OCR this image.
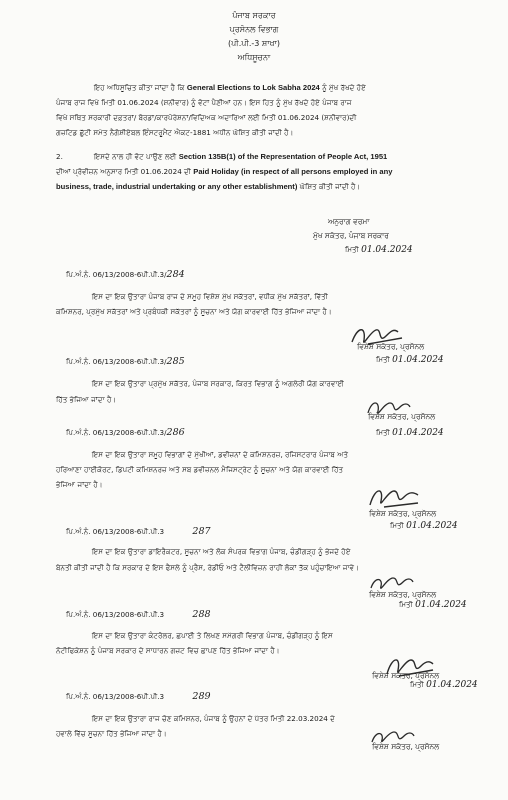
ਪੰਜਾਬ ਸਰਕਾਰ
ਪ੍ਰਸੋਨਲ ਵਿਭਾਗ
(ਪੀ.ਪੀ.-3 ਸ਼ਾਖਾ)
ਅਧਿਸੂਚਨਾ
ਇਹ ਅਧਿਸੂਚਿਤ ਕੀਤਾ ਜਾਂਦਾ ਹੈ ਕਿ General Elections to Lok Sabha 2024 ਨੂੰ ਮੁੱਖ ਰੱਖਦੇ ਹੋਏ
ਪੰਜਾਬ ਰਾਜ ਵਿਖੇ ਮਿਤੀ 01.06.2024 (ਸ਼ਨੀਵਾਰ) ਨੂੰ ਵੋਟਾਂ ਪੈਣੀਆਂ ਹਨ। ਇਸ ਹਿਤ ਨੂੰ ਮੁੱਖ ਰੱਖਦੇ ਹੋਏ ਪੰਜਾਬ ਰਾਜ
ਵਿਖੇ ਸਥਿਤ ਸਰਕਾਰੀ ਦਫ਼ਤਰਾਂ/ ਬੋਰਡਾਂ/ਕਾਰਪੋਰੇਸ਼ਨਾਂ/ਵਿਦਿਅਕ ਅਦਾਰਿਆਂ ਲਈ ਮਿਤੀ 01.06.2024 (ਸ਼ਨੀਵਾਰ)ਦੀ
ਗਜ਼ਟਿਡ ਛੁੱਟੀ ਸਮੇਤ ਨੈਗੋਸ਼ੀਏਬਲ ਇੰਸਟਰੂਮੈਂਟ ਐਕਟ-1881 ਅਧੀਨ ਘੋਸ਼ਿਤ ਕੀਤੀ ਜਾਂਦੀ ਹੈ।
2.	ਇਸਦੇ ਨਾਲ ਹੀ ਵੋਟ ਪਾਉਣ ਲਈ Section 135B(1) of the Representation of People Act, 1951
ਦੀਆਂ ਪ੍ਰੋਵੀਜ਼ਨ ਅਨੁਸਾਰ ਮਿਤੀ 01.06.2024 ਦੀ Paid Holiday (in respect of all persons employed in any
business, trade, industrial undertaking or any other establishment) ਘੋਸ਼ਿਤ ਕੀਤੀ ਜਾਂਦੀ ਹੈ।
ਅਨੁਰਾਗ ਵਰਮਾ
ਮੁੱਖ ਸਕੱਤਰ, ਪੰਜਾਬ ਸਰਕਾਰ
ਮਿਤੀ 01.04.2024
ਪਿ.ਅੰ.ਨੰ. 06/13/2008-6ਪੀ.ਪੀ.3/284
ਇਸ ਦਾ ਇਕ ਉਤਾਰਾ ਪੰਜਾਬ ਰਾਜ ਦੇ ਸਮੂਹ ਵਿਸ਼ੇਸ਼ ਮੁੱਖ ਸਕੱਤਰਾਂ, ਵਧੀਕ ਮੁੱਖ ਸਕੱਤਰਾਂ, ਵਿੱਤੀ
ਕਮਿਸ਼ਨਰ, ਪ੍ਰਮੁੱਖ ਸਕੱਤਰਾਂ ਅਤੇ ਪ੍ਰਬੰਧਕੀ ਸਕੱਤਰਾਂ ਨੂੰ ਸੂਚਨਾ ਅਤੇ ਯੋਗ ਕਾਰਵਾਈ ਹਿੱਤ ਭੇਜਿਆ ਜਾਂਦਾ ਹੈ।
ਵਿਸ਼ੇਸ਼ ਸਕੱਤਰ, ਪ੍ਰਸੋਨਲ
ਮਿਤੀ 01.04.2024
ਪਿ.ਅੰ.ਨੰ. 06/13/2008-6ਪੀ.ਪੀ.3/285
ਇਸ ਦਾ ਇਕ ਉਤਾਰਾ ਪ੍ਰਮੁੱਖ ਸਕੱਤਰ, ਪੰਜਾਬ ਸਰਕਾਰ, ਕਿਰਤ ਵਿਭਾਗ ਨੂੰ ਅਗਲੇਰੀ ਯੋਗ ਕਾਰਵਾਈ
ਹਿੱਤ ਭੇਜਿਆ ਜਾਂਦਾ ਹੈ।
ਵਿਸ਼ੇਸ਼ ਸਕੱਤਰ, ਪ੍ਰਸੋਨਲ
ਮਿਤੀ 01.04.2024
ਪਿ.ਅੰ.ਨੰ. 06/13/2008-6ਪੀ.ਪੀ.3/286
ਇਸ ਦਾ ਇਕ ਉਤਾਰਾ ਸਮੂਹ ਵਿਭਾਗਾਂ ਦੇ ਮੁੱਖੀਆਂ, ਡਵੀਜ਼ਨਾਂ ਦੇ ਕਮਿਸ਼ਨਰਜ਼, ਰਜਿਸਟਰਾਰ ਪੰਜਾਬ ਅਤੇ
ਹਰਿਆਣਾ ਹਾਈਕੋਰਟ, ਡਿਪਟੀ ਕਮਿਸ਼ਨਰਜ਼ ਅਤੇ ਸਬ ਡਵੀਜ਼ਨਲ ਮੈਜਿਸਟ੍ਰੇਟ ਨੂੰ ਸੂਚਨਾ ਅਤੇ ਯੋਗ ਕਾਰਵਾਈ ਹਿੱਤ
ਭੇਜਿਆ ਜਾਂਦਾ ਹੈ।
ਵਿਸ਼ੇਸ਼ ਸਕੱਤਰ, ਪ੍ਰਸੋਨਲ
ਮਿਤੀ 01.04.2024
ਪਿ.ਅੰ.ਨੰ. 06/13/2008-6ਪੀ.ਪੀ.3	287
ਇਸ ਦਾ ਇਕ ਉਤਾਰਾ ਡਾਇਰੈਕਟਰ, ਸੂਚਨਾ ਅਤੇ ਲੋਕ ਸੰਪਰਕ ਵਿਭਾਗ ਪੰਜਾਬ, ਚੰਡੀਗੜ੍ਹ ਨੂੰ ਭੇਜਦੇ ਹੋਏ
ਬੇਨਤੀ ਕੀਤੀ ਜਾਂਦੀ ਹੈ ਕਿ ਸਰਕਾਰ ਦੇ ਇਸ ਫੈਸਲੇ ਨੂੰ ਪ੍ਰੈਸ, ਰੇਡੀਓ ਅਤੇ ਟੈਲੀਵਿਜ਼ਨ ਰਾਹੀਂ ਲੋਕਾਂ ਤੱਕ ਪਹੁੰਚਾਇਆ ਜਾਵੇ।
ਵਿਸ਼ੇਸ਼ ਸਕੱਤਰ, ਪ੍ਰਸੋਨਲ
ਮਿਤੀ 01.04.2024
ਪਿ.ਅੰ.ਨੰ. 06/13/2008-6ਪੀ.ਪੀ.3	288
ਇਸ ਦਾ ਇਕ ਉਤਾਰਾ ਕੰਟਰੋਲਰ, ਛਪਾਈ ਤੇ ਲਿਖਣ ਸਮੱਗਰੀ ਵਿਭਾਗ ਪੰਜਾਬ, ਚੰਡੀਗੜ੍ਹ ਨੂੰ ਇਸ
ਨੋਟੀਫਿਕੇਸ਼ਨ ਨੂੰ ਪੰਜਾਬ ਸਰਕਾਰ ਦੇ ਸਾਧਾਰਨ ਗਜ਼ਟ ਵਿਚ ਛਾਪਣ ਹਿੱਤ ਭੇਜਿਆ ਜਾਂਦਾ ਹੈ।
ਵਿਸ਼ੇਸ਼ ਸਕੱਤਰ, ਪ੍ਰਸੋਨਲ
ਮਿਤੀ 01.04.2024
ਪਿ.ਅੰ.ਨੰ. 06/13/2008-6ਪੀ.ਪੀ.3	289
ਇਸ ਦਾ ਇਕ ਉਤਾਰਾ ਰਾਜ ਚੋਣ ਕਮਿਸ਼ਨਰ, ਪੰਜਾਬ ਨੂੰ ਉਹਨਾਂ ਦੇ ਪੱਤਰ ਮਿਤੀ 22.03.2024 ਦੇ
ਹਵਾਲੇ ਵਿੱਚ ਸੂਚਨਾ ਹਿੱਤ ਭੇਜਿਆ ਜਾਂਦਾ ਹੈ।
ਵਿਸ਼ੇਸ਼ ਸਕੱਤਰ, ਪ੍ਰਸੋਨਲ
